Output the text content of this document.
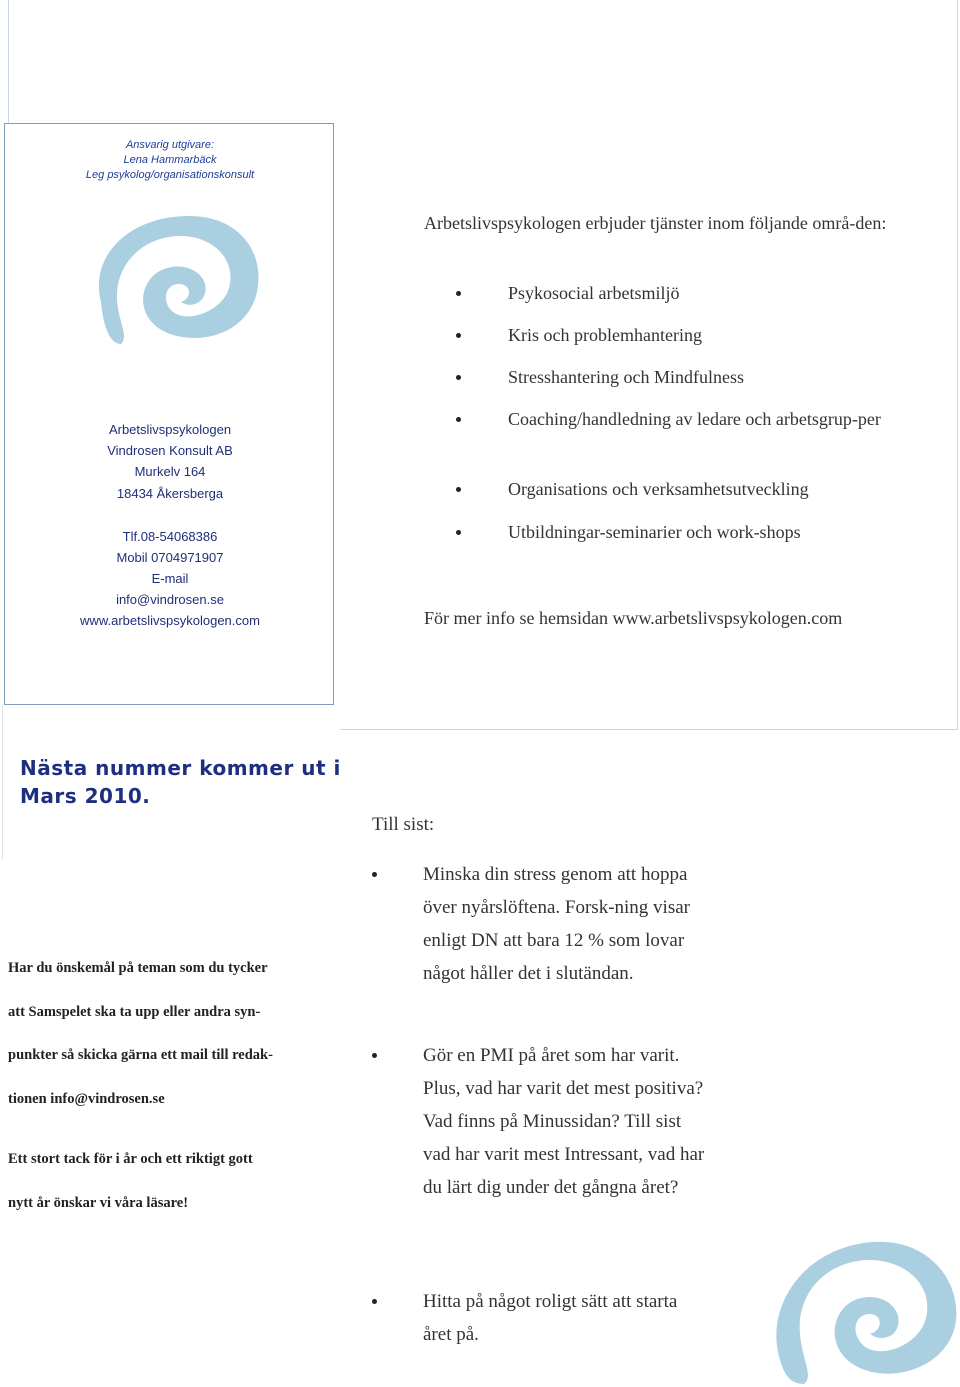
Ansvarig utgivare:
Lena Hammarbäck
Leg psykolog/organisationskonsult
Arbetslivspsykologen
Vindrosen Konsult AB
Murkelv 164
18434 Åkersberga
Tlf.08-54068386
Mobil 0704971907
E-mail
info@vindrosen.se
www.arbetslivspsykologen.com
Arbetslivspsykologen erbjuder tjänster inom följande områ-den:
Psykosocial arbetsmiljö
Kris och problemhantering
Stresshantering och Mindfulness
Coaching/handledning av ledare och arbetsgrup-per
Organisations och verksamhetsutveckling
Utbildningar-seminarier och work-shops
För mer info se hemsidan www.arbetslivspsykologen.com
Nästa nummer kommer ut i Mars 2010.
Till sist:
Minska din stress genom att hoppa över nyårslöftena. Forsk-ning visar enligt DN att bara 12 % som lovar något håller det i slutändan.
Gör en PMI på året som har varit. Plus, vad har varit det mest positiva? Vad finns på Minussidan? Till sist vad har varit mest Intressant, vad har du lärt dig under det gångna året?
Hitta på något roligt sätt att starta året på.
Har du önskemål på teman som du tycker
att Samspelet ska ta upp eller andra syn-
punkter så skicka gärna ett mail till redak-
tionen info@vindrosen.se
Ett stort tack för i år och ett riktigt gott
nytt år önskar vi våra läsare!
